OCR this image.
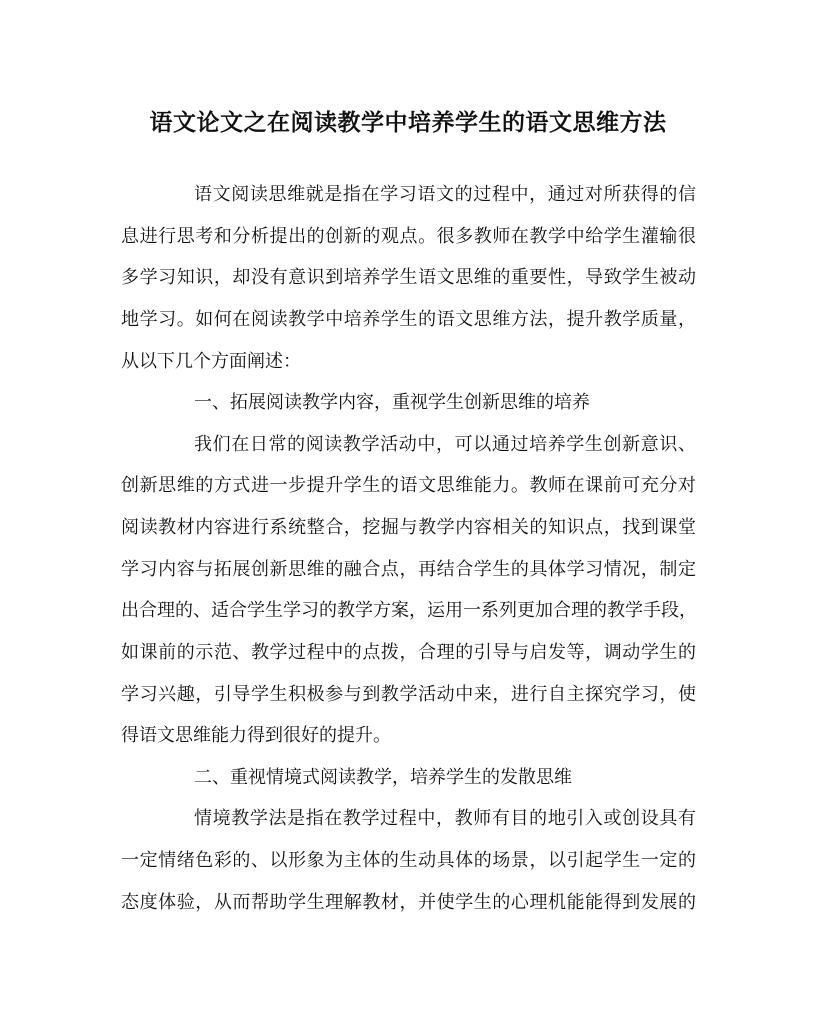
语文论文之在阅读教学中培养学生的语文思维方法
语文阅读思维就是指在学习语文的过程中，通过对所获得的信
息进行思考和分析提出的创新的观点。很多教师在教学中给学生灌输很
多学习知识，却没有意识到培养学生语文思维的重要性，导致学生被动
地学习。如何在阅读教学中培养学生的语文思维方法，提升教学质量，
从以下几个方面阐述：
一、拓展阅读教学内容，重视学生创新思维的培养
我们在日常的阅读教学活动中，可以通过培养学生创新意识、
创新思维的方式进一步提升学生的语文思维能力。教师在课前可充分对
阅读教材内容进行系统整合，挖掘与教学内容相关的知识点，找到课堂
学习内容与拓展创新思维的融合点，再结合学生的具体学习情况，制定
出合理的、适合学生学习的教学方案，运用一系列更加合理的教学手段，
如课前的示范、教学过程中的点拨，合理的引导与启发等，调动学生的
学习兴趣，引导学生积极参与到教学活动中来，进行自主探究学习，使
得语文思维能力得到很好的提升。
二、重视情境式阅读教学，培养学生的发散思维
情境教学法是指在教学过程中，教师有目的地引入或创设具有
一定情绪色彩的、以形象为主体的生动具体的场景，以引起学生一定的
态度体验，从而帮助学生理解教材，并使学生的心理机能能得到发展的
